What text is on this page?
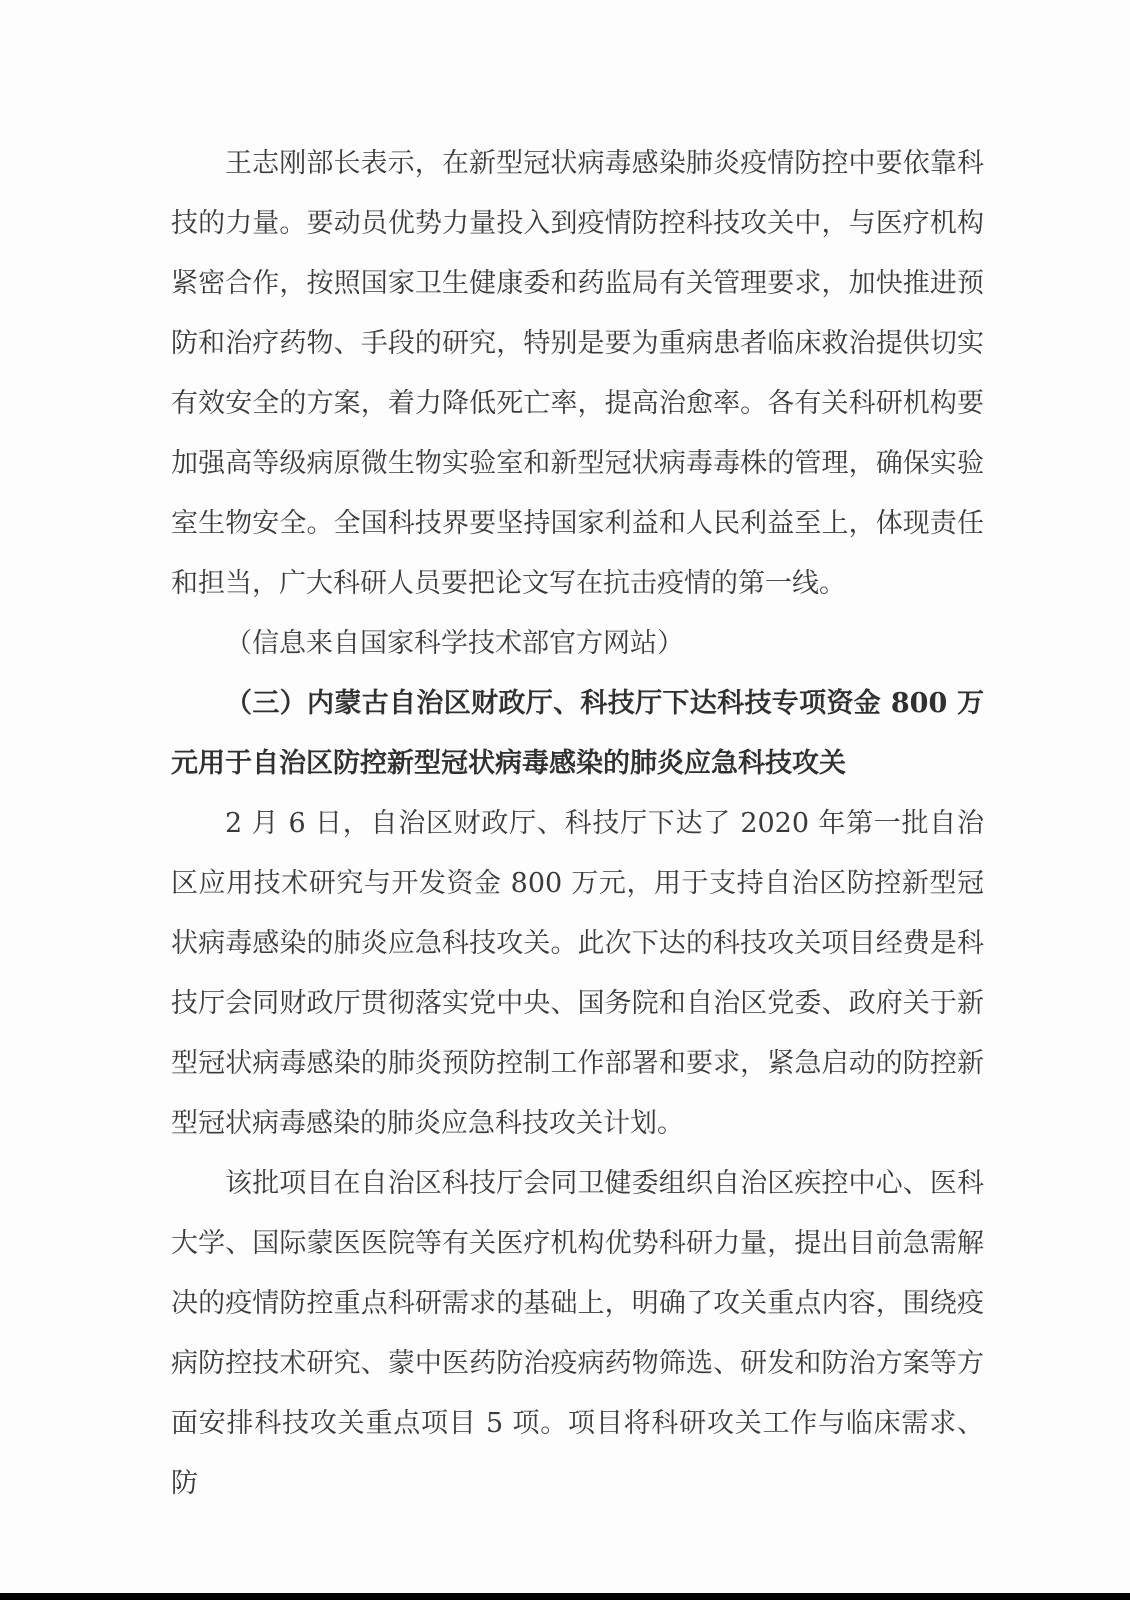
王志刚部长表示，在新型冠状病毒感染肺炎疫情防控中要依靠科技的力量。要动员优势力量投入到疫情防控科技攻关中，与医疗机构紧密合作，按照国家卫生健康委和药监局有关管理要求，加快推进预防和治疗药物、手段的研究，特别是要为重病患者临床救治提供切实有效安全的方案，着力降低死亡率，提高治愈率。各有关科研机构要加强高等级病原微生物实验室和新型冠状病毒毒株的管理，确保实验室生物安全。全国科技界要坚持国家利益和人民利益至上，体现责任和担当，广大科研人员要把论文写在抗击疫情的第一线。

（信息来自国家科学技术部官方网站）

（三）内蒙古自治区财政厅、科技厅下达科技专项资金 800 万元用于自治区防控新型冠状病毒感染的肺炎应急科技攻关

2 月 6 日，自治区财政厅、科技厅下达了 2020 年第一批自治区应用技术研究与开发资金 800 万元，用于支持自治区防控新型冠状病毒感染的肺炎应急科技攻关。此次下达的科技攻关项目经费是科技厅会同财政厅贯彻落实党中央、国务院和自治区党委、政府关于新型冠状病毒感染的肺炎预防控制工作部署和要求，紧急启动的防控新型冠状病毒感染的肺炎应急科技攻关计划。

该批项目在自治区科技厅会同卫健委组织自治区疾控中心、医科大学、国际蒙医医院等有关医疗机构优势科研力量，提出目前急需解决的疫情防控重点科研需求的基础上，明确了攻关重点内容，围绕疫病防控技术研究、蒙中医药防治疫病药物筛选、研发和防治方案等方面安排科技攻关重点项目 5 项。项目将科研攻关工作与临床需求、防
